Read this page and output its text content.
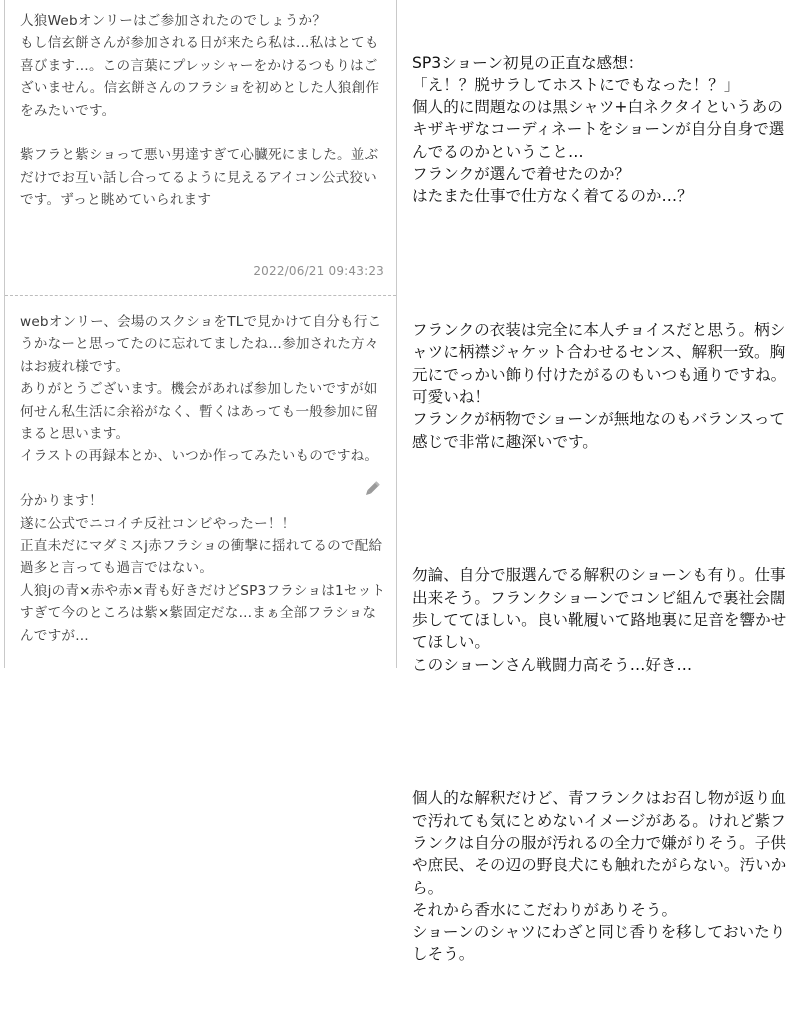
人狼Webオンリーはご参加されたのでしょうか？
もし信玄餅さんが参加される日が来たら私は…私はとても喜びます…。この言葉にプレッシャーをかけるつもりはございません。信玄餅さんのフラショを初めとした人狼創作をみたいです。

紫フラと紫ショって悪い男達すぎて心臓死にました。並ぶだけでお互い話し合ってるように見えるアイコン公式狡いです。ずっと眺めていられます

2022/06/21 09:43:23

webオンリー、会場のスクショをTLで見かけて自分も行こうかなーと思ってたのに忘れてましたね…参加された方々はお疲れ様です。
ありがとうございます。機会があれば参加したいですが如何せん私生活に余裕がなく、暫くはあっても一般参加に留まると思います。
イラストの再録本とか、いつか作ってみたいものですね。

分かります！
遂に公式でニコイチ反社コンビやったー！！
正直未だにマダミスj赤フラショの衝撃に揺れてるので配給過多と言っても過言ではない。
人狼jの青×赤や赤×青も好きだけどSP3フラショは1セットすぎて今のところは紫×紫固定だな…まぁ全部フラショなんですが…

SP3ショーン初見の正直な感想：
「え！？脱サラしてホストにでもなった！？」
個人的に問題なのは黒シャツ+白ネクタイというあのキザキザなコーディネートをショーンが自分自身で選んでるのかということ…
フランクが選んで着せたのか？
はたまた仕事で仕方なく着てるのか…？

フランクの衣装は完全に本人チョイスだと思う。柄シャツに柄襟ジャケット合わせるセンス、解釈一致。胸元にでっかい飾り付けたがるのもいつも通りですね。可愛いね！
フランクが柄物でショーンが無地なのもバランスって感じで非常に趣深いです。

勿論、自分で服選んでる解釈のショーンも有り。仕事出来そう。フランクショーンでコンビ組んで裏社会闊歩しててほしい。良い靴履いて路地裏に足音を響かせてほしい。
このショーンさん戦闘力高そう…好き…

個人的な解釈だけど、青フランクはお召し物が返り血で汚れても気にとめないイメージがある。けれど紫フランクは自分の服が汚れるの全力で嫌がりそう。子供や庶民、その辺の野良犬にも触れたがらない。汚いから。
それから香水にこだわりがありそう。
ショーンのシャツにわざと同じ香りを移しておいたりしそう。
